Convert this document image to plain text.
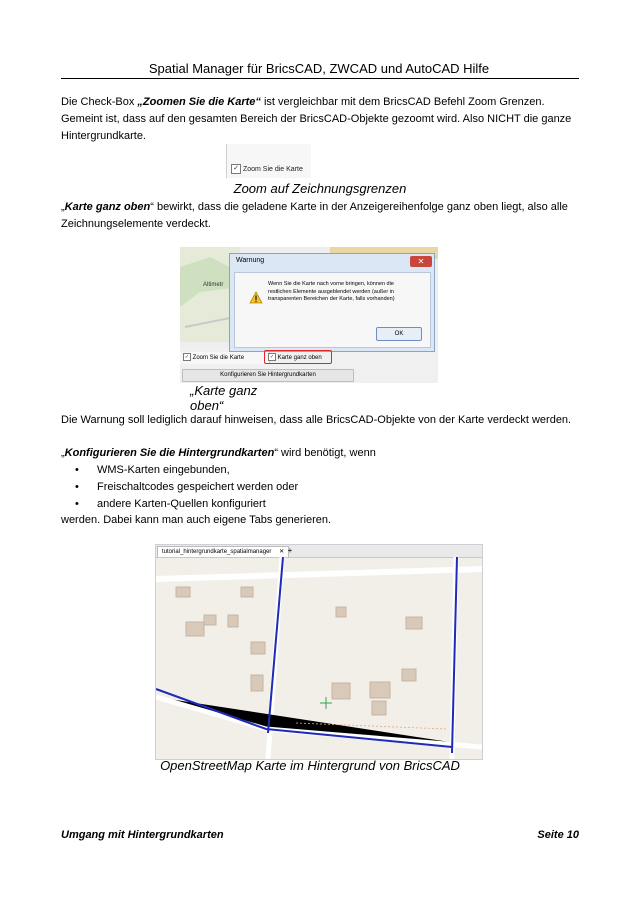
Spatial Manager für BricsCAD, ZWCAD und AutoCAD Hilfe
Die Check-Box „Zoomen Sie die Karte“ ist vergleichbar mit dem BricsCAD Befehl Zoom Grenzen. Gemeint ist, dass auf den gesamten Bereich der BricsCAD-Objekte gezoomt wird. Also NICHT die ganze Hintergrundkarte.
✓ Zoom Sie die Karte
Zoom auf Zeichnungsgrenzen
„Karte ganz oben“ bewirkt, dass die geladene Karte in der Anzeigereihenfolge ganz oben liegt, also alle Zeichnungselemente verdeckt.
Altimetr
Warnung	✕
Wenn Sie die Karte nach vorne bringen, können die restlichen Elemente ausgeblendet werden (außer in transparenten Bereichen der Karte, falls vorhanden)
OK
✓ Zoom Sie die Karte	✓ Karte ganz oben
Konfigurieren Sie Hintergrundkarten
„Karte ganz oben“
Die Warnung soll lediglich darauf hinweisen, dass alle BricsCAD-Objekte von der Karte verdeckt werden.
„Konfigurieren Sie die Hintergrundkarten“ wird benötigt, wenn
• WMS-Karten eingebunden,
• Freischaltcodes gespeichert werden oder
• andere Karten-Quellen konfiguriert
werden. Dabei kann man auch eigene Tabs generieren.
tutorial_hintergrundkarte_spatialmanager ✕ +
OpenStreetMap Karte im Hintergrund von BricsCAD
Umgang mit Hintergrundkarten	Seite 10
